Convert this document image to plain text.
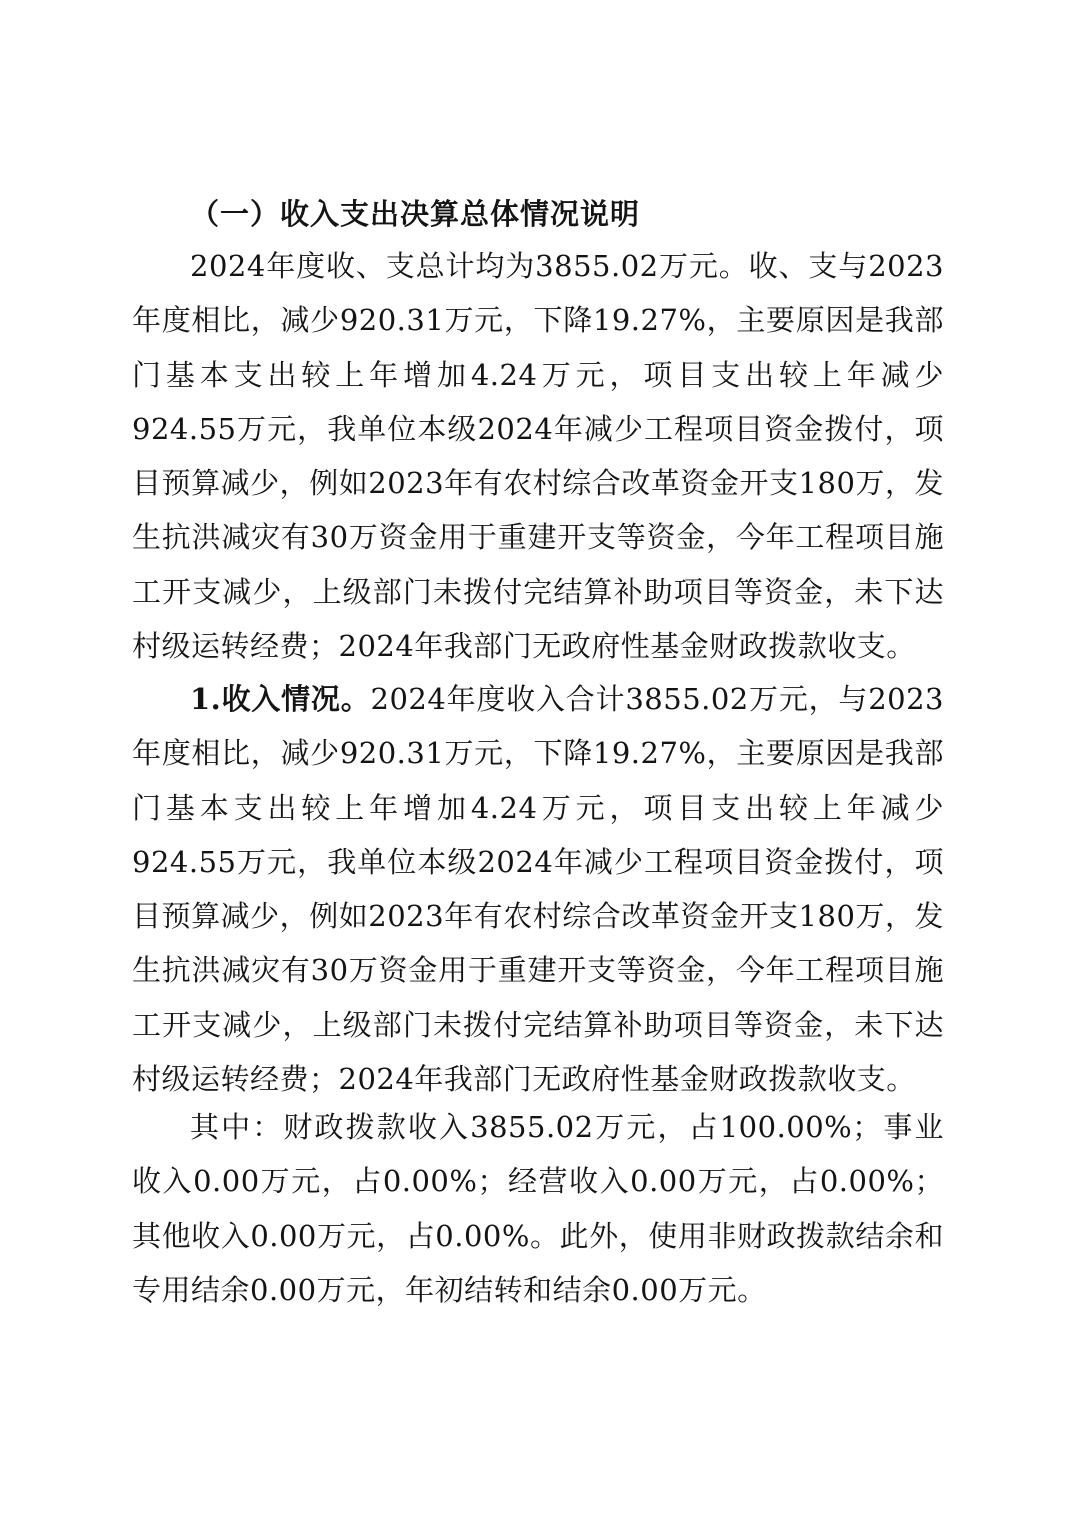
（一）收入支出决算总体情况说明

2024年度收、支总计均为3855.02万元。收、支与2023年度相比，减少920.31万元，下降19.27%，主要原因是我部门基本支出较上年增加4.24万元，项目支出较上年减少924.55万元，我单位本级2024年减少工程项目资金拨付，项目预算减少，例如2023年有农村综合改革资金开支180万，发生抗洪减灾有30万资金用于重建开支等资金，今年工程项目施工开支减少，上级部门未拨付完结算补助项目等资金，未下达村级运转经费；2024年我部门无政府性基金财政拨款收支。

1.收入情况。2024年度收入合计3855.02万元，与2023年度相比，减少920.31万元，下降19.27%，主要原因是我部门基本支出较上年增加4.24万元，项目支出较上年减少924.55万元，我单位本级2024年减少工程项目资金拨付，项目预算减少，例如2023年有农村综合改革资金开支180万，发生抗洪减灾有30万资金用于重建开支等资金，今年工程项目施工开支减少，上级部门未拨付完结算补助项目等资金，未下达村级运转经费；2024年我部门无政府性基金财政拨款收支。

其中：财政拨款收入3855.02万元，占100.00%；事业收入0.00万元，占0.00%；经营收入0.00万元，占0.00%；其他收入0.00万元，占0.00%。此外，使用非财政拨款结余和专用结余0.00万元，年初结转和结余0.00万元。
